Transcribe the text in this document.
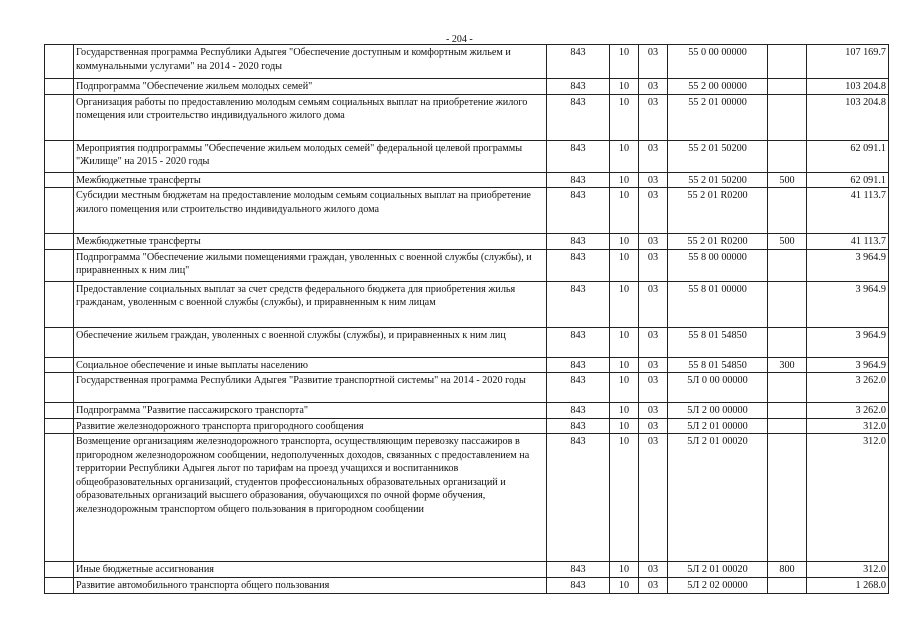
- 204 -
	Государственная программа Республики Адыгея "Обеспечение доступным и комфортным жильем и коммунальными услугами" на 2014 - 2020 годы	843	10	03	55 0 00 00000		107 169.7
	Подпрограмма "Обеспечение жильем молодых семей"	843	10	03	55 2 00 00000		103 204.8
	Организация работы по предоставлению молодым семьям социальных выплат на приобретение жилого помещения или строительство индивидуального жилого дома	843	10	03	55 2 01 00000		103 204.8
	Мероприятия подпрограммы "Обеспечение жильем молодых семей" федеральной целевой программы "Жилище" на 2015 - 2020 годы	843	10	03	55 2 01 50200		62 091.1
	Межбюджетные трансферты	843	10	03	55 2 01 50200	500	62 091.1
	Субсидии местным бюджетам на предоставление молодым семьям социальных выплат на приобретение жилого помещения или строительство индивидуального жилого дома	843	10	03	55 2 01 R0200		41 113.7
	Межбюджетные трансферты	843	10	03	55 2 01 R0200	500	41 113.7
	Подпрограмма "Обеспечение жилыми помещениями граждан, уволенных с военной службы (службы), и приравненных к ним лиц"	843	10	03	55 8 00 00000		3 964.9
	Предоставление социальных выплат за счет средств федерального бюджета для приобретения жилья гражданам, уволенным с военной службы (службы), и приравненным к ним лицам	843	10	03	55 8 01 00000		3 964.9
	Обеспечение жильем граждан, уволенных с военной службы (службы), и приравненных к ним лиц	843	10	03	55 8 01 54850		3 964.9
	Социальное обеспечение и иные выплаты населению	843	10	03	55 8 01 54850	300	3 964.9
	Государственная программа Республики Адыгея "Развитие транспортной системы" на 2014 - 2020 годы	843	10	03	5Л 0 00 00000		3 262.0
	Подпрограмма "Развитие пассажирского транспорта"	843	10	03	5Л 2 00 00000		3 262.0
	Развитие железнодорожного транспорта пригородного сообщения	843	10	03	5Л 2 01 00000		312.0
	Возмещение организациям железнодорожного транспорта, осуществляющим перевозку пассажиров в пригородном железнодорожном сообщении, недополученных доходов, связанных с предоставлением на территории Республики Адыгея льгот по тарифам на проезд учащихся и воспитанников общеобразовательных организаций, студентов профессиональных образовательных организаций и образовательных организаций высшего образования, обучающихся по очной форме обучения, железнодорожным транспортом общего пользования в пригородном сообщении	843	10	03	5Л 2 01 00020		312.0
	Иные бюджетные ассигнования	843	10	03	5Л 2 01 00020	800	312.0
	Развитие автомобильного транспорта общего пользования	843	10	03	5Л 2 02 00000		1 268.0
